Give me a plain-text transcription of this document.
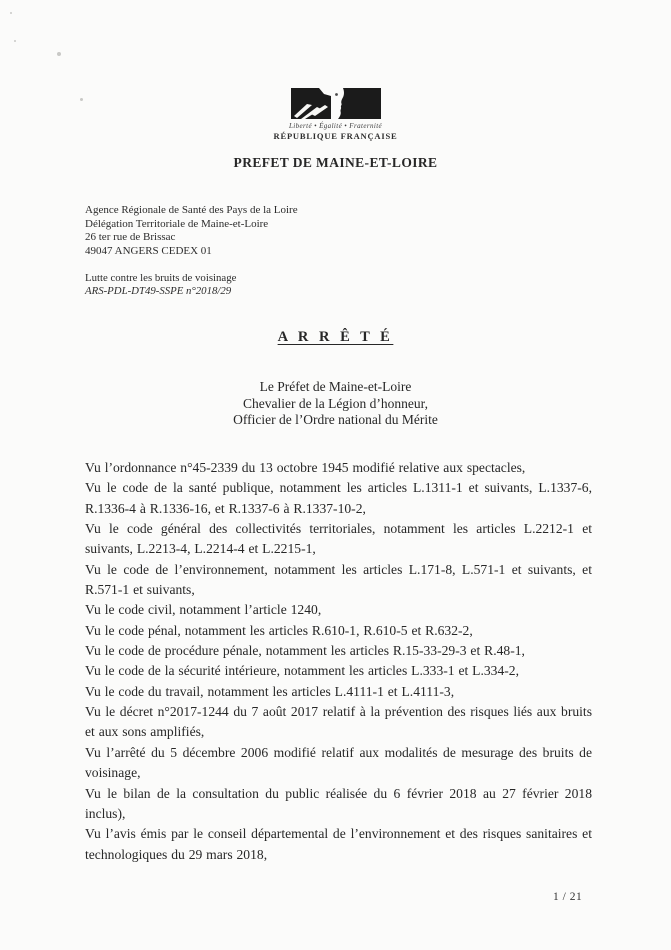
Liberté • Égalité • Fraternité
RÉPUBLIQUE FRANÇAISE
PREFET DE MAINE-ET-LOIRE
Agence Régionale de Santé des Pays de la Loire
Délégation Territoriale de Maine-et-Loire
26 ter rue de Brissac
49047 ANGERS CEDEX 01
Lutte contre les bruits de voisinage
ARS-PDL-DT49-SSPE n°2018/29
A R R Ê T É
Le Préfet de Maine-et-Loire
Chevalier de la Légion d’honneur,
Officier de l’Ordre national du Mérite

Vu l’ordonnance n°45-2339 du 13 octobre 1945 modifié relative aux spectacles,

Vu le code de la santé publique, notamment les articles L.1311-1 et suivants, L.1337-6, R.1336-4 à R.1336-16, et R.1337-6 à R.1337-10-2,

Vu le code général des collectivités territoriales, notamment les articles L.2212-1 et suivants, L.2213-4, L.2214-4 et L.2215-1,

Vu le code de l’environnement, notamment les articles L.171-8, L.571-1 et suivants, et R.571-1 et suivants,

Vu le code civil, notamment l’article 1240,

Vu le code pénal, notamment les articles R.610-1, R.610-5 et R.632-2,

Vu le code de procédure pénale, notamment les articles R.15-33-29-3 et R.48-1,

Vu le code de la sécurité intérieure, notamment les articles L.333-1 et L.334-2,

Vu le code du travail, notamment les articles L.4111-1 et L.4111-3,

Vu le décret n°2017-1244 du 7 août 2017 relatif à la prévention des risques liés aux bruits et aux sons amplifiés,

Vu l’arrêté du 5 décembre 2006 modifié relatif aux modalités de mesurage des bruits de voisinage,

Vu le bilan de la consultation du public réalisée du 6 février 2018 au 27 février 2018 inclus),

Vu l’avis émis par le conseil départemental de l’environnement et des risques sanitaires et technologiques du 29 mars 2018,

1 / 21
